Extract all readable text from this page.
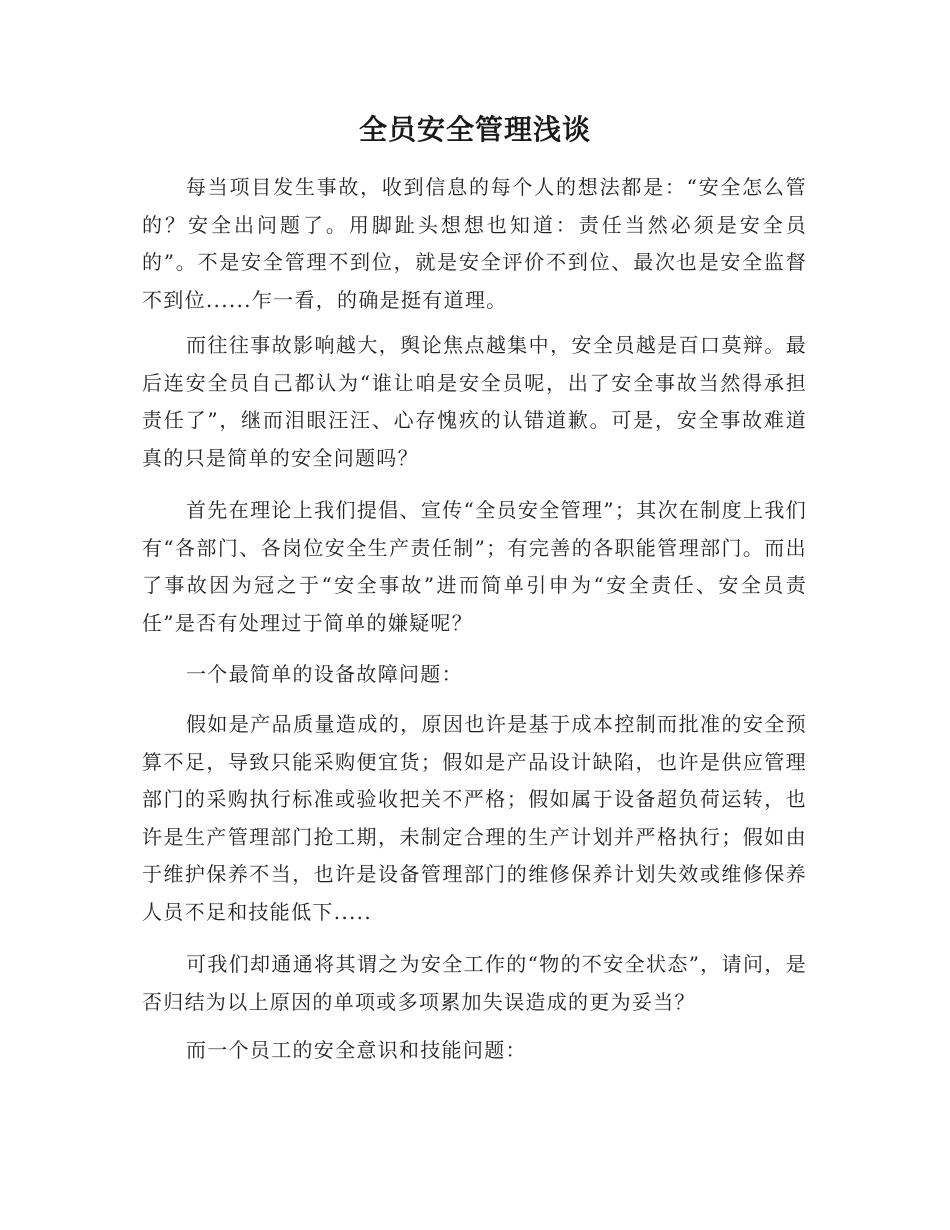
全员安全管理浅谈

每当项目发生事故，收到信息的每个人的想法都是：“安全怎么管的？安全出问题了。用脚趾头想想也知道：责任当然必须是安全员的”。不是安全管理不到位，就是安全评价不到位、最次也是安全监督不到位......乍一看，的确是挺有道理。

而往往事故影响越大，舆论焦点越集中，安全员越是百口莫辩。最后连安全员自己都认为“谁让咱是安全员呢，出了安全事故当然得承担责任了”，继而泪眼汪汪、心存愧疚的认错道歉。可是，安全事故难道真的只是简单的安全问题吗？

首先在理论上我们提倡、宣传“全员安全管理”；其次在制度上我们有“各部门、各岗位安全生产责任制”；有完善的各职能管理部门。而出了事故因为冠之于“安全事故”进而简单引申为“安全责任、安全员责任”是否有处理过于简单的嫌疑呢？

一个最简单的设备故障问题：

假如是产品质量造成的，原因也许是基于成本控制而批准的安全预算不足，导致只能采购便宜货；假如是产品设计缺陷，也许是供应管理部门的采购执行标准或验收把关不严格；假如属于设备超负荷运转，也许是生产管理部门抢工期，未制定合理的生产计划并严格执行；假如由于维护保养不当，也许是设备管理部门的维修保养计划失效或维修保养人员不足和技能低下.....

可我们却通通将其谓之为安全工作的“物的不安全状态”，请问，是否归结为以上原因的单项或多项累加失误造成的更为妥当？

而一个员工的安全意识和技能问题：
